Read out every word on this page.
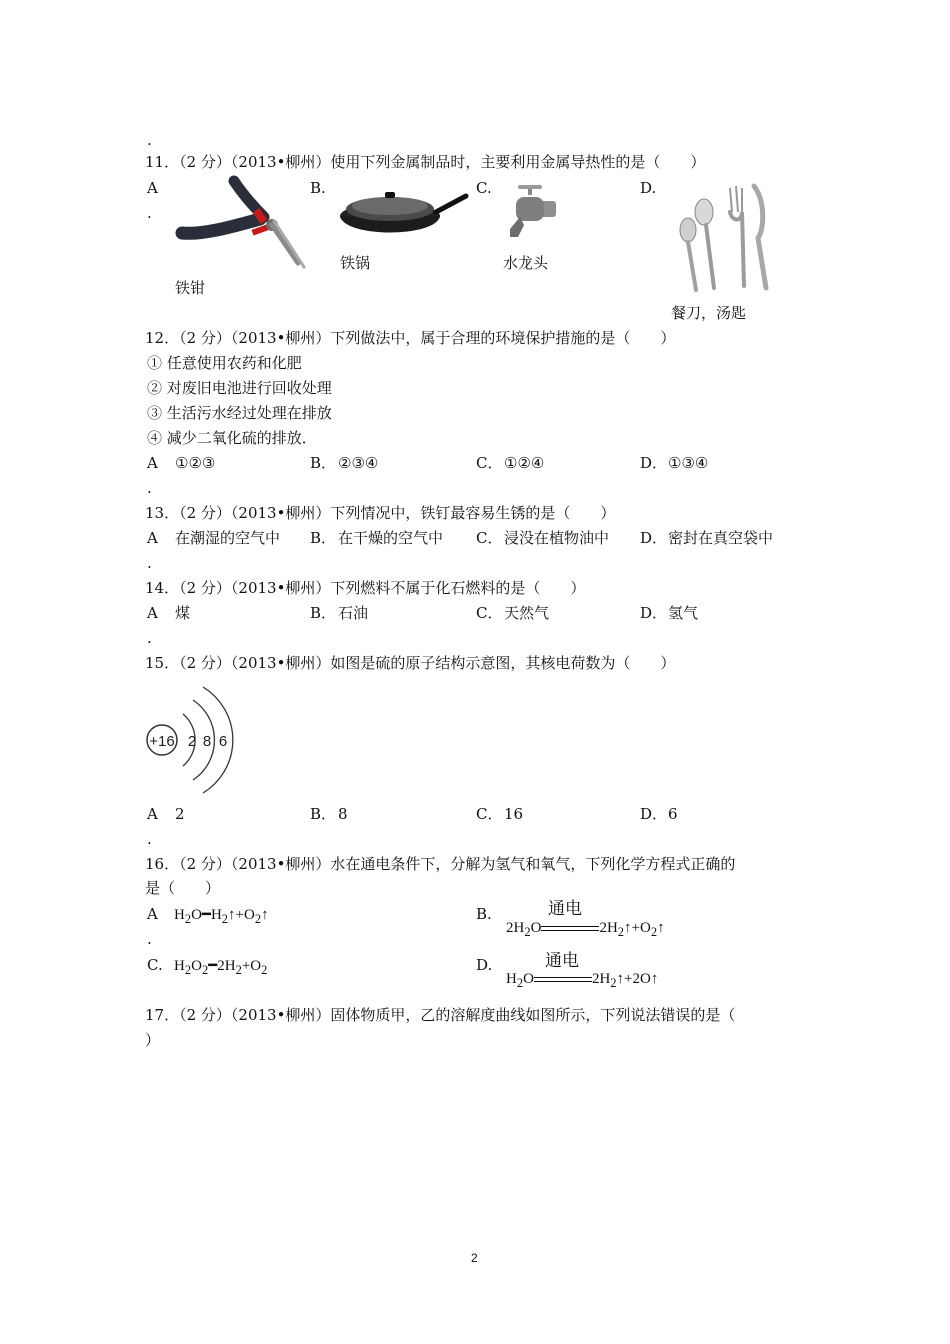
.
11．（2 分）（2013•柳州）使用下列金属制品时，主要利用金属导热性的是（　　）
A
.
B.	C.	D.
铁钳
铁锅	水龙头
餐刀，汤匙
12．（2 分）（2013•柳州）下列做法中，属于合理的环境保护措施的是（　　）
① 任意使用农药和化肥
② 对废旧电池进行回收处理
③ 生活污水经过处理在排放
④ 减少二氧化硫的排放．
A ①②③	B． ②③④	C． ①②④	D． ①③④
.
13．（2 分）（2013•柳州）下列情况中，铁钉最容易生锈的是（　　）
A 在潮湿的空气中 B． 在干燥的空气中 C． 浸没在植物油中 D． 密封在真空袋中
.
14．（2 分）（2013•柳州）下列燃料不属于化石燃料的是（　　）
A 煤	B． 石油	C． 天然气	D． 氢气
.
15．（2 分）（2013•柳州）如图是硫的原子结构示意图，其核电荷数为（　　）
+16 2 8 6
A 2	B． 8	C． 16	D． 6
.
16．（2 分）（2013•柳州）水在通电条件下，分解为氢气和氧气，下列化学方程式正确的
是（　　）
A
.
$H_2O━H_2↑+O_2↑$	B.	通电
$2H_2O$	$2H_2↑+O_2↑$
C. $H_2O_2━2H_2+O_2$	D.	通电
$H_2O$	$2H_2↑+2O↑$
17．（2 分）（2013•柳州）固体物质甲，乙的溶解度曲线如图所示，下列说法错误的是（
）
2
